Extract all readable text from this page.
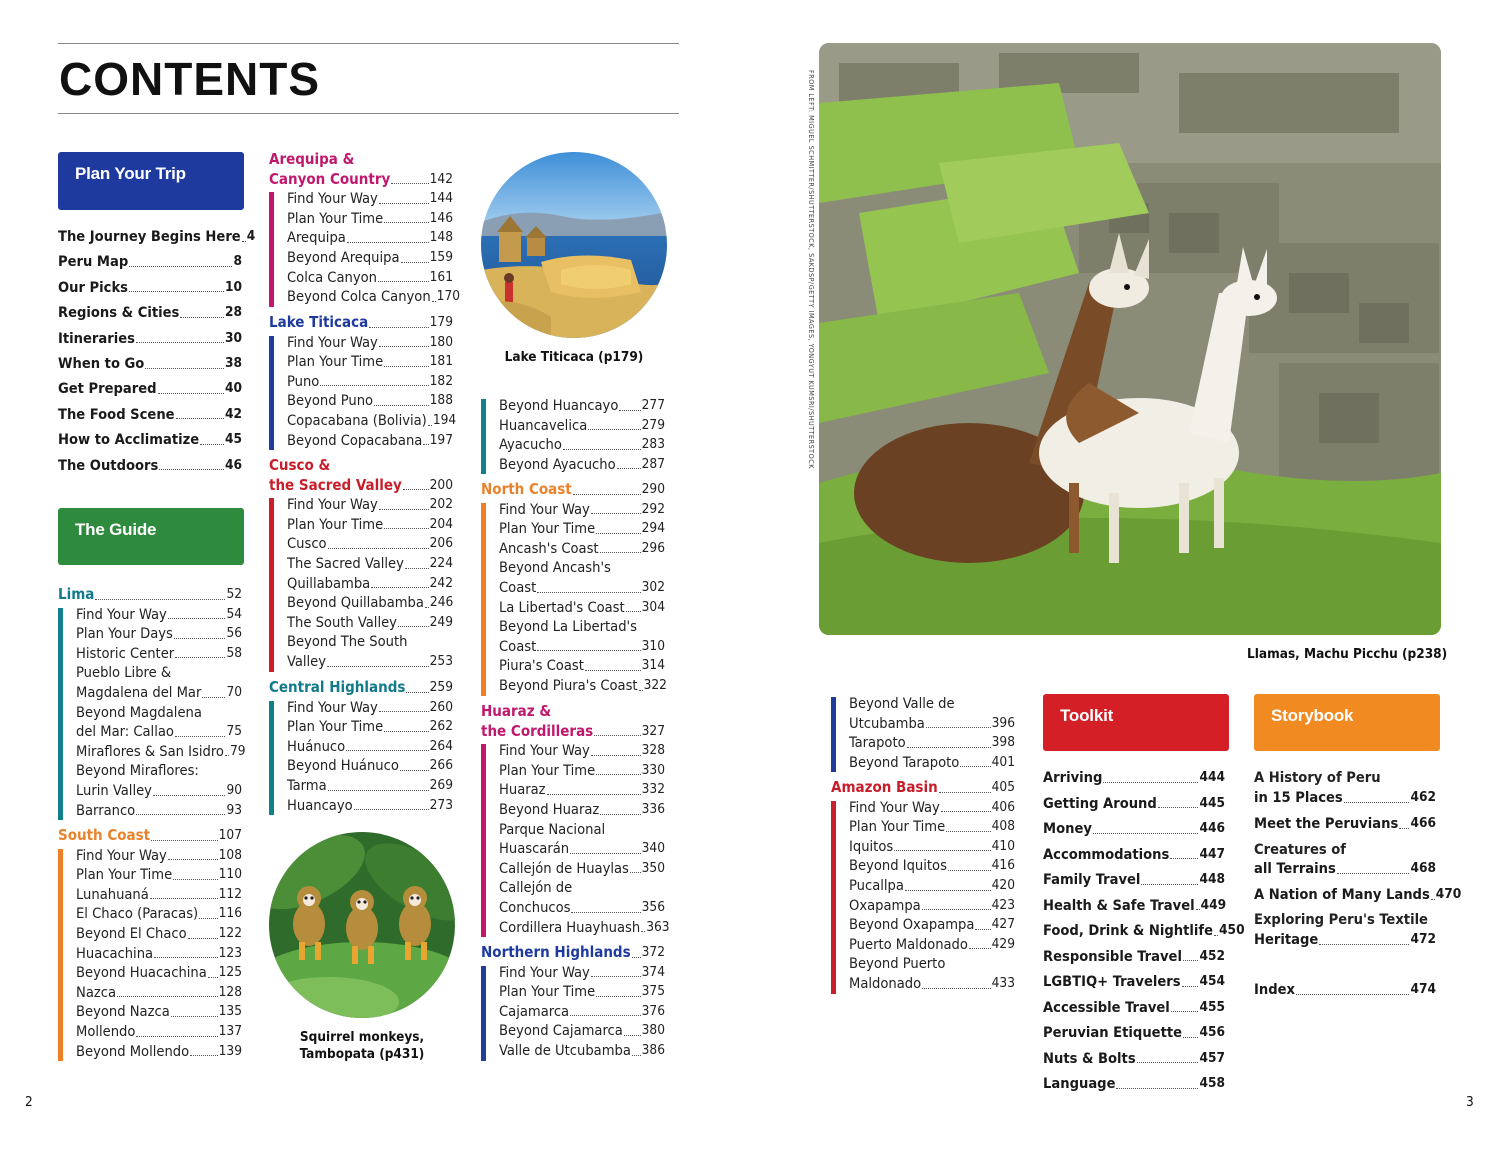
CONTENTS
Plan Your Trip
The Guide
Toolkit	Storybook
The Journey Begins Here 4
Peru Map	8
Our Picks	10
Regions & Cities	28
Itineraries	30
When to Go	38
Get Prepared	40
The Food Scene	42
How to Acclimatize 45
The Outdoors	46
Lima	52
Find Your Way	54
Plan Your Days	56
Historic Center	58
Pueblo Libre &
Magdalena del Mar 70
Beyond Magdalena
del Mar: Callao	75
Miraflores & San Isidro 79
Beyond Miraflores:
Lurin Valley	90
Barranco	93
South Coast	107
Find Your Way	108
Plan Your Time	110
Lunahuaná	112
El Chaco (Paracas) 116
Beyond El Chaco 122
Huacachina	123
Beyond Huacachina 125
Nazca	128
Beyond Nazca	135
Mollendo	137
Beyond Mollendo 139
Arequipa &
Canyon Country	142
Find Your Way	144
Plan Your Time	146
Arequipa	148
Beyond Arequipa 159
Colca Canyon	161
Beyond Colca Canyon 170
Lake Titicaca	179
Find Your Way	180
Plan Your Time	181
Puno	182
Beyond Puno	188
Copacabana (Bolivia) 194
Beyond Copacabana 197
Cusco &
the Sacred Valley 200
Find Your Way	202
Plan Your Time	204
Cusco	206
The Sacred Valley 224
Quillabamba	242
Beyond Quillabamba 246
The South Valley 249
Beyond The South
Valley	253
Central Highlands 259
Find Your Way	260
Plan Your Time	262
Huánuco	264
Beyond Huánuco 266
Tarma	269
Huancayo	273
Beyond Huancayo 277
Huancavelica	279
Ayacucho	283
Beyond Ayacucho 287
North Coast	290
Find Your Way	292
Plan Your Time	294
Ancash's Coast	296
Beyond Ancash's
Coast	302
La Libertad's Coast 304
Beyond La Libertad's
Coast	310
Piura's Coast	314
Beyond Piura's Coast 322
Huaraz &
the Cordilleras	327
Find Your Way	328
Plan Your Time	330
Huaraz	332
Beyond Huaraz	336
Parque Nacional
Huascarán	340
Callejón de Huaylas 350
Callejón de
Conchucos	356
Cordillera Huayhuash 363
Northern Highlands 372
Find Your Way	374
Plan Your Time	375
Cajamarca	376
Beyond Cajamarca 380
Valle de Utcubamba 386
Beyond Valle de
Utcubamba	396
Tarapoto	398
Beyond Tarapoto 401
Amazon Basin	405
Find Your Way	406
Plan Your Time	408
Iquitos	410
Beyond Iquitos	416
Pucallpa	420
Oxapampa	423
Beyond Oxapampa 427
Puerto Maldonado 429
Beyond Puerto
Maldonado	433
Arriving	444
Getting Around	445
Money	446
Accommodations 447
Family Travel	448
Health & Safe Travel 449
Food, Drink & Nightlife 450
Responsible Travel 452
LGBTIQ+ Travelers 454
Accessible Travel 455
Peruvian Etiquette 456
Nuts & Bolts	457
Language	458
A History of Peru
in 15 Places	462
Meet the Peruvians 466
Creatures of
all Terrains	468
A Nation of Many Lands 470
Exploring Peru's Textile
Heritage	472
Index	474
Lake Titicaca (p179)
Squirrel monkeys,
Tambopata (p431)
Llamas, Machu Picchu (p238)
FROM LEFT: MIGUEL SCHMITTER/SHUTTERSTOCK, SAKDSP/GETTY IMAGES, YONGYUT KUMSRI/SHUTTERSTOCK
2	3
